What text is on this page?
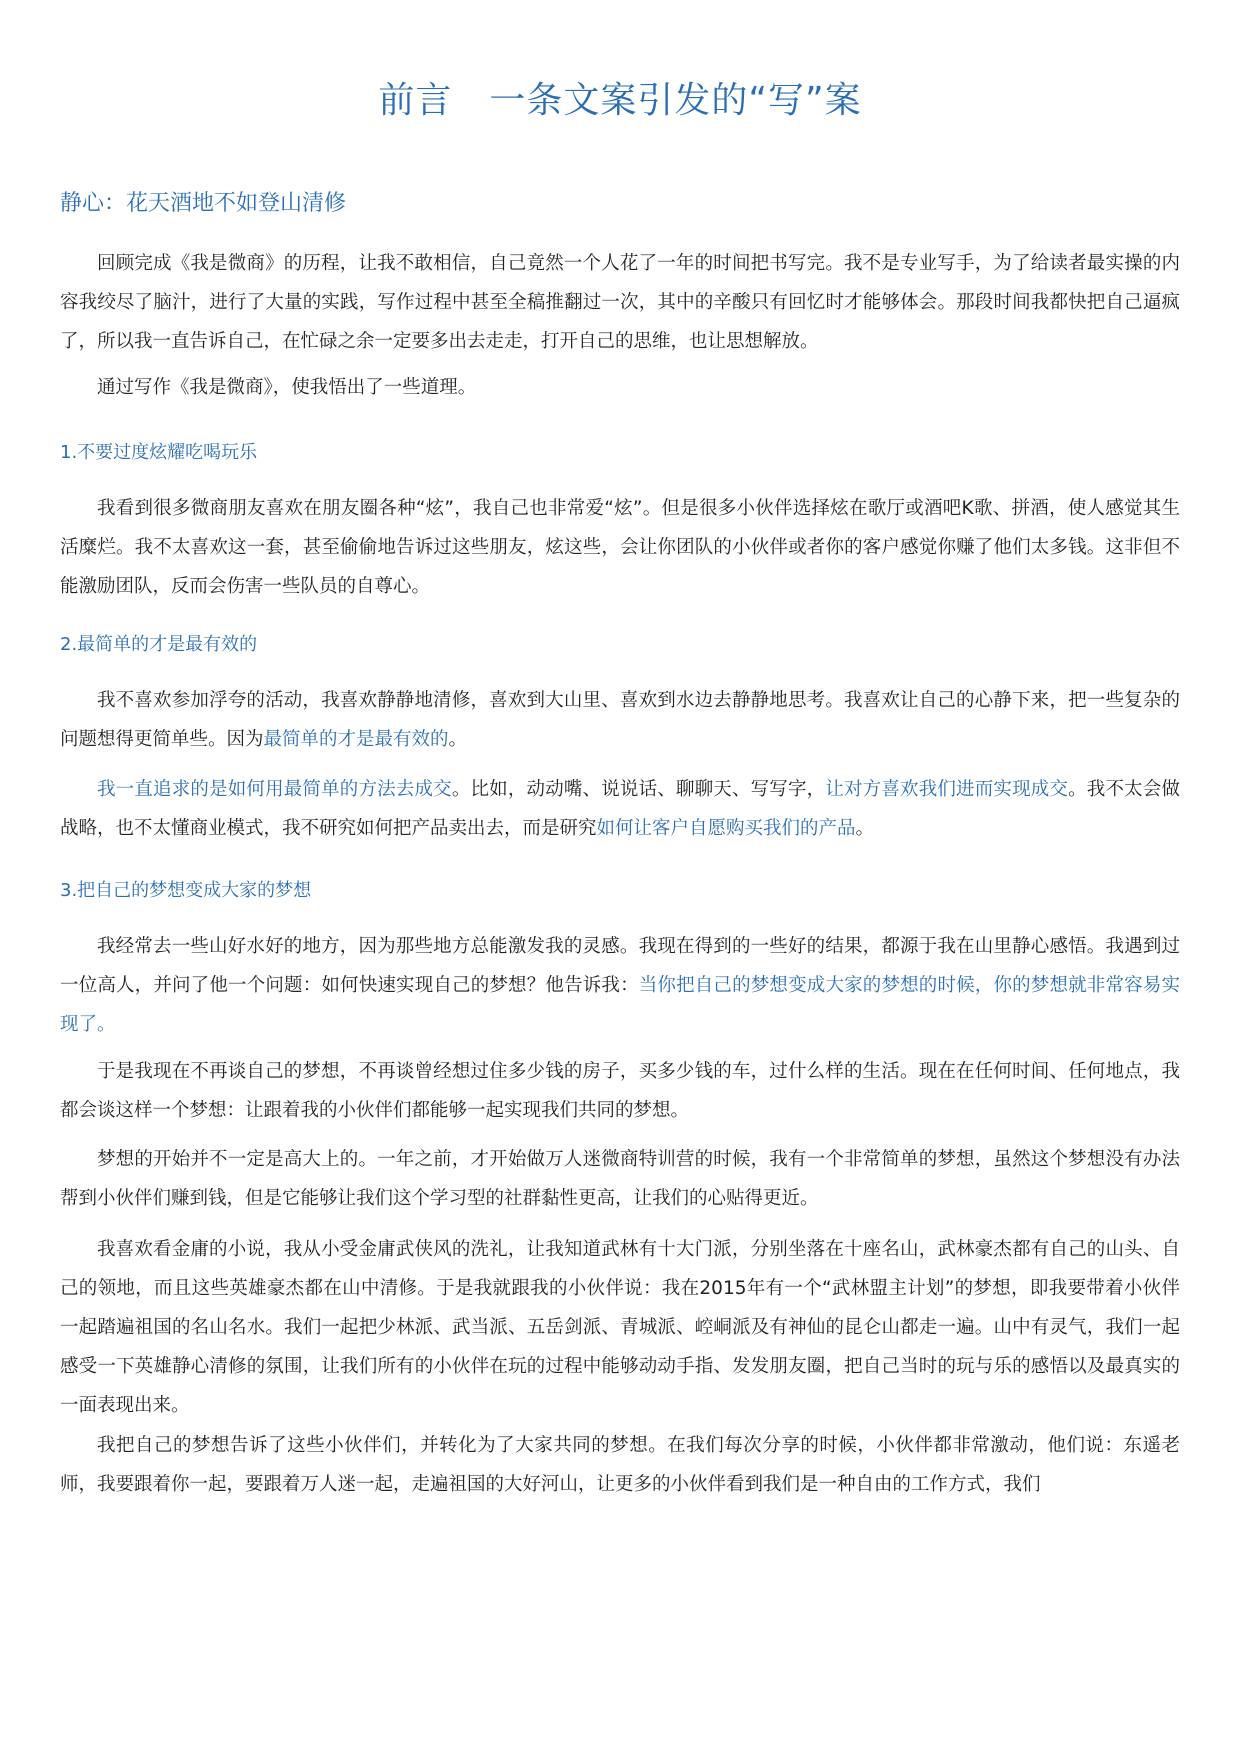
前言　一条文案引发的“写”案
静心：花天酒地不如登山清修

回顾完成《我是微商》的历程，让我不敢相信，自己竟然一个人花了一年的时间把书写完。我不是专业写手，为了给读者最实操的内容我绞尽了脑汁，进行了大量的实践，写作过程中甚至全稿推翻过一次，其中的辛酸只有回忆时才能够体会。那段时间我都快把自己逼疯了，所以我一直告诉自己，在忙碌之余一定要多出去走走，打开自己的思维，也让思想解放。

通过写作《我是微商》，使我悟出了一些道理。

1.不要过度炫耀吃喝玩乐

我看到很多微商朋友喜欢在朋友圈各种“炫”，我自己也非常爱“炫”。但是很多小伙伴选择炫在歌厅或酒吧K歌、拼酒，使人感觉其生活糜烂。我不太喜欢这一套，甚至偷偷地告诉过这些朋友，炫这些，会让你团队的小伙伴或者你的客户感觉你赚了他们太多钱。这非但不能激励团队，反而会伤害一些队员的自尊心。

2.最简单的才是最有效的

我不喜欢参加浮夸的活动，我喜欢静静地清修，喜欢到大山里、喜欢到水边去静静地思考。我喜欢让自己的心静下来，把一些复杂的问题想得更简单些。因为最简单的才是最有效的。

我一直追求的是如何用最简单的方法去成交。比如，动动嘴、说说话、聊聊天、写写字，让对方喜欢我们进而实现成交。我不太会做战略，也不太懂商业模式，我不研究如何把产品卖出去，而是研究如何让客户自愿购买我们的产品。

3.把自己的梦想变成大家的梦想

我经常去一些山好水好的地方，因为那些地方总能激发我的灵感。我现在得到的一些好的结果，都源于我在山里静心感悟。我遇到过一位高人，并问了他一个问题：如何快速实现自己的梦想？他告诉我：当你把自己的梦想变成大家的梦想的时候，你的梦想就非常容易实现了。

于是我现在不再谈自己的梦想，不再谈曾经想过住多少钱的房子，买多少钱的车，过什么样的生活。现在在任何时间、任何地点，我都会谈这样一个梦想：让跟着我的小伙伴们都能够一起实现我们共同的梦想。

梦想的开始并不一定是高大上的。一年之前，才开始做万人迷微商特训营的时候，我有一个非常简单的梦想，虽然这个梦想没有办法帮到小伙伴们赚到钱，但是它能够让我们这个学习型的社群黏性更高，让我们的心贴得更近。

我喜欢看金庸的小说，我从小受金庸武侠风的洗礼，让我知道武林有十大门派，分别坐落在十座名山，武林豪杰都有自己的山头、自己的领地，而且这些英雄豪杰都在山中清修。于是我就跟我的小伙伴说：我在2015年有一个“武林盟主计划”的梦想，即我要带着小伙伴一起踏遍祖国的名山名水。我们一起把少林派、武当派、五岳剑派、青城派、崆峒派及有神仙的昆仑山都走一遍。山中有灵气，我们一起感受一下英雄静心清修的氛围，让我们所有的小伙伴在玩的过程中能够动动手指、发发朋友圈，把自己当时的玩与乐的感悟以及最真实的一面表现出来。

我把自己的梦想告诉了这些小伙伴们，并转化为了大家共同的梦想。在我们每次分享的时候，小伙伴都非常激动，他们说：东遥老师，我要跟着你一起，要跟着万人迷一起，走遍祖国的大好河山，让更多的小伙伴看到我们是一种自由的工作方式，我们
